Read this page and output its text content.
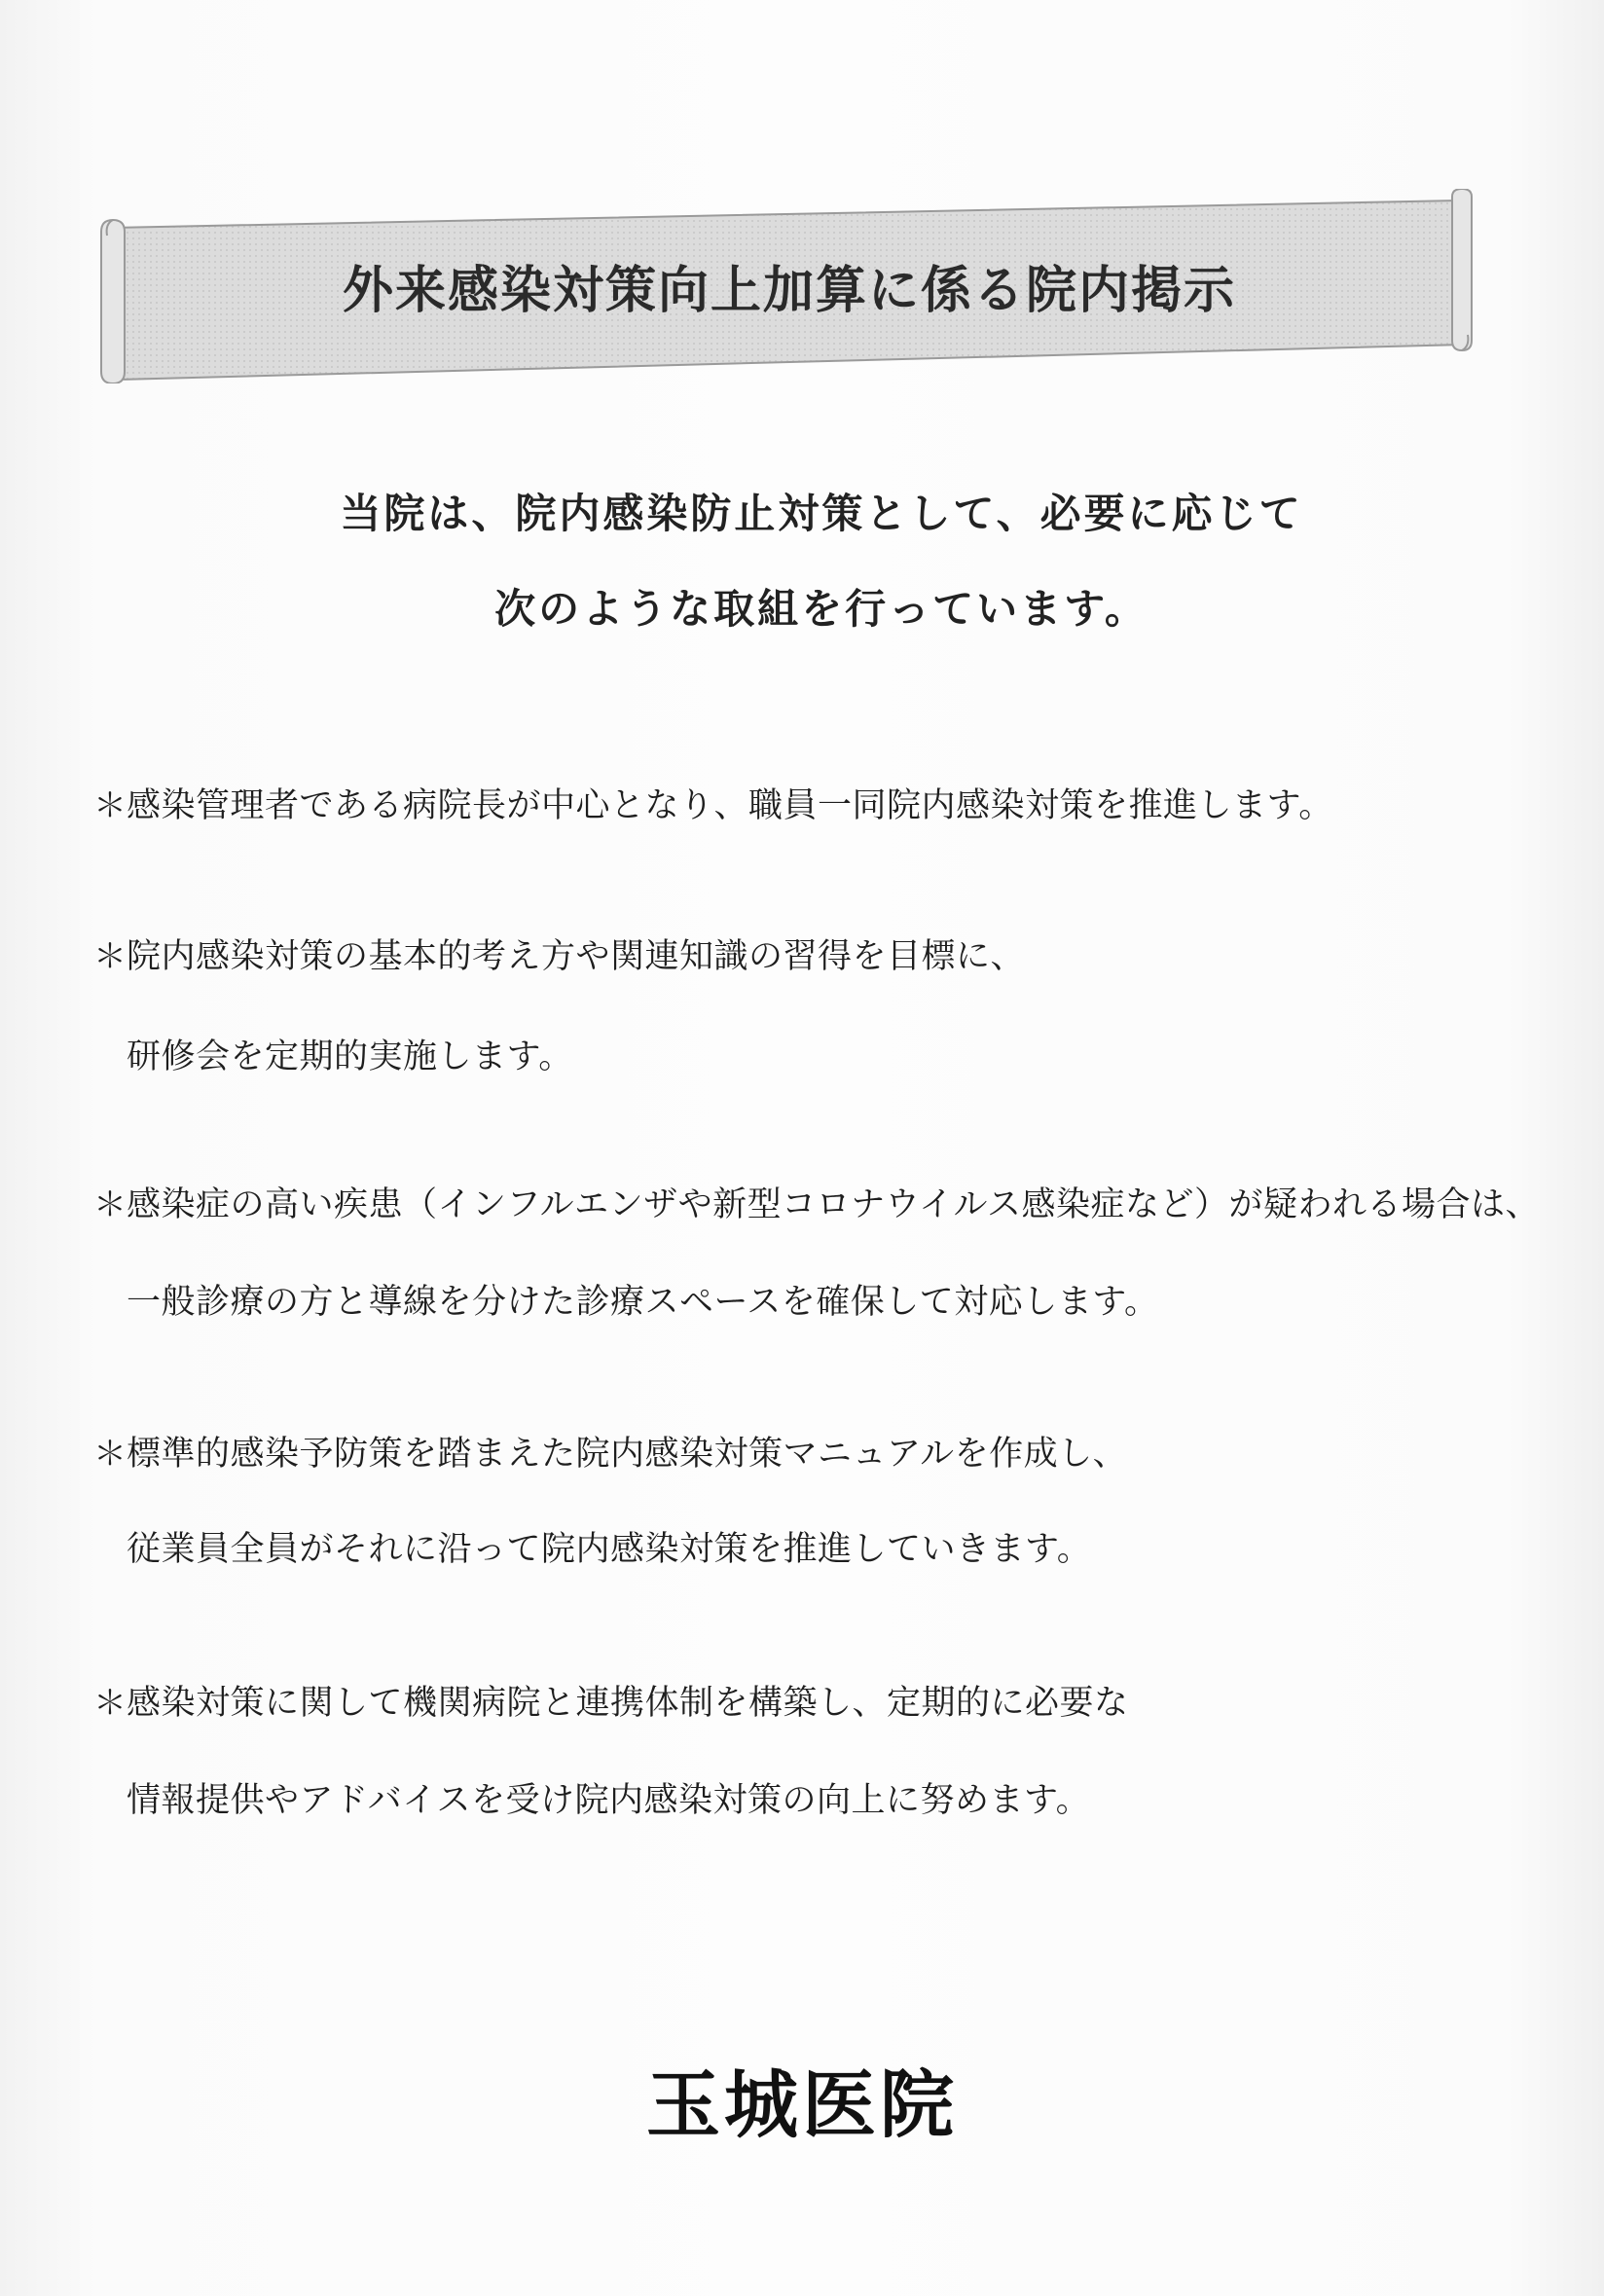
外来感染対策向上加算に係る院内掲示
当院は、院内感染防止対策として、必要に応じて
次のような取組を行っています。
＊感染管理者である病院長が中心となり、職員一同院内感染対策を推進します。
＊院内感染対策の基本的考え方や関連知識の習得を目標に、
研修会を定期的実施します。
＊感染症の高い疾患（インフルエンザや新型コロナウイルス感染症など）が疑われる場合は、
一般診療の方と導線を分けた診療スペースを確保して対応します。
＊標準的感染予防策を踏まえた院内感染対策マニュアルを作成し、
従業員全員がそれに沿って院内感染対策を推進していきます。
＊感染対策に関して機関病院と連携体制を構築し、定期的に必要な
情報提供やアドバイスを受け院内感染対策の向上に努めます。
玉城医院
